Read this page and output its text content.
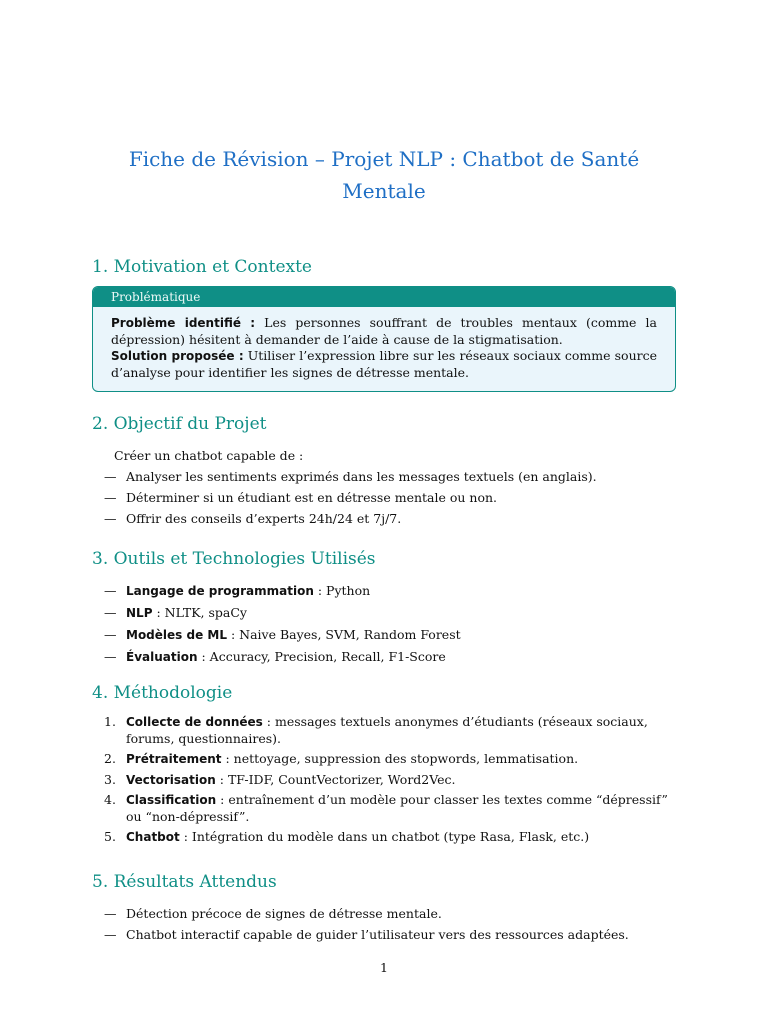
Fiche de Révision – Projet NLP : Chatbot de Santé Mentale
1. Motivation et Contexte
Problématique
Problème identifié : Les personnes souffrant de troubles mentaux (comme la dépression) hésitent à demander de l’aide à cause de la stigmatisation.
Solution proposée : Utiliser l’expression libre sur les réseaux sociaux comme source d’analyse pour identifier les signes de détresse mentale.
2. Objectif du Projet
Créer un chatbot capable de :
— Analyser les sentiments exprimés dans les messages textuels (en anglais).
— Déterminer si un étudiant est en détresse mentale ou non.
— Offrir des conseils d’experts 24h/24 et 7j/7.
3. Outils et Technologies Utilisés
— Langage de programmation : Python
— NLP : NLTK, spaCy
— Modèles de ML : Naive Bayes, SVM, Random Forest
— Évaluation : Accuracy, Precision, Recall, F1-Score
4. Méthodologie
1. Collecte de données : messages textuels anonymes d’étudiants (réseaux sociaux, forums, questionnaires).
2. Prétraitement : nettoyage, suppression des stopwords, lemmatisation.
3. Vectorisation : TF-IDF, CountVectorizer, Word2Vec.
4. Classification : entraînement d’un modèle pour classer les textes comme “dépressif” ou “non-dépressif”.
5. Chatbot : Intégration du modèle dans un chatbot (type Rasa, Flask, etc.)
5. Résultats Attendus
— Détection précoce de signes de détresse mentale.
— Chatbot interactif capable de guider l’utilisateur vers des ressources adaptées.
1
